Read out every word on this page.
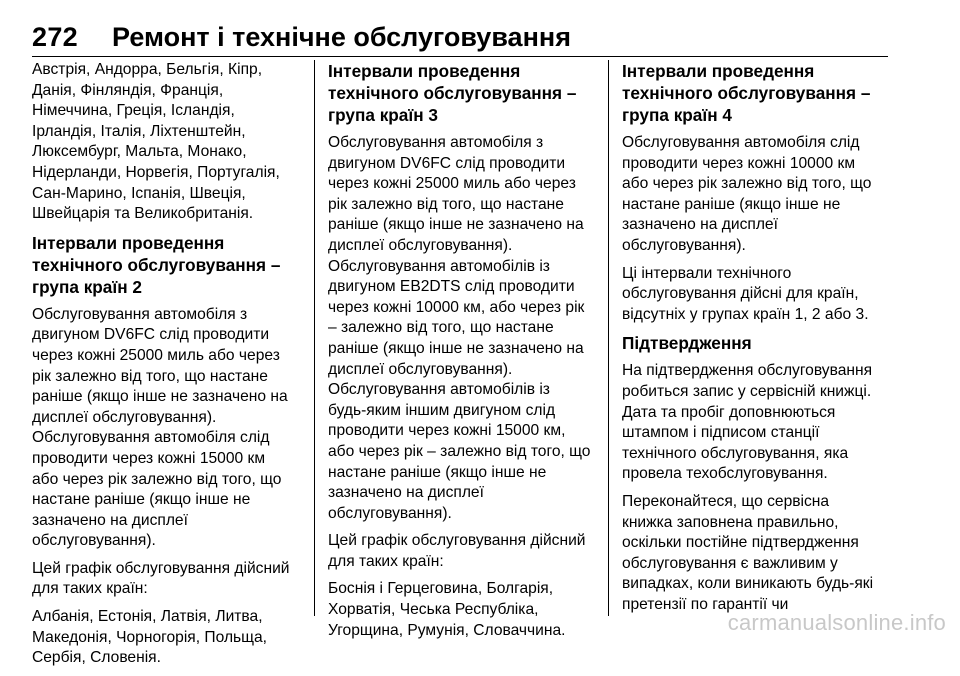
272 Ремонт і технічне обслуговування

Австрія, Андорра, Бельгія, Кіпр,
Данія, Фінляндія, Франція,
Німеччина, Греція, Ісландія,
Ірландія, Італія, Ліхтенштейн,
Люксембург, Мальта, Монако,
Нідерланди, Норвегія, Португалія,
Сан-Марино, Іспанія, Швеція,
Швейцарія та Великобританія.

Інтервали проведення
технічного обслуговування –
група країн 2

Обслуговування автомобіля з
двигуном DV6FC слід проводити
через кожні 25000 миль або через
рік залежно від того, що настане
раніше (якщо інше не зазначено на
дисплеї обслуговування).

Обслуговування автомобіля слід
проводити через кожні 15000 км
або через рік залежно від того, що
настане раніше (якщо інше не
зазначено на дисплеї
обслуговування).

Цей графік обслуговування дійсний
для таких країн:

Албанія, Естонія, Латвія, Литва,
Македонія, Чорногорія, Польща,
Сербія, Словенія.

Інтервали проведення
технічного обслуговування –
група країн 3

Обслуговування автомобіля з
двигуном DV6FC слід проводити
через кожні 25000 миль або через
рік залежно від того, що настане
раніше (якщо інше не зазначено на
дисплеї обслуговування).

Обслуговування автомобілів із
двигуном EB2DTS слід проводити
через кожні 10000 км, або через рік
– залежно від того, що настане
раніше (якщо інше не зазначено на
дисплеї обслуговування).

Обслуговування автомобілів із
будь-яким іншим двигуном слід
проводити через кожні 15000 км,
або через рік – залежно від того, що
настане раніше (якщо інше не
зазначено на дисплеї
обслуговування).

Цей графік обслуговування дійсний
для таких країн:

Боснія і Герцеговина, Болгарія,
Хорватія, Чеська Республіка,
Угорщина, Румунія, Словаччина.

Інтервали проведення
технічного обслуговування –
група країн 4

Обслуговування автомобіля слід
проводити через кожні 10000 км
або через рік залежно від того, що
настане раніше (якщо інше не
зазначено на дисплеї
обслуговування).

Ці інтервали технічного
обслуговування дійсні для країн,
відсутніх у групах країн 1, 2 або 3.

Підтвердження

На підтвердження обслуговування
робиться запис у сервісній книжці.
Дата та пробіг доповнюються
штампом і підписом станції
технічного обслуговування, яка
провела техобслуговування.

Переконайтеся, що сервісна
книжка заповнена правильно,
оскільки постійне підтвердження
обслуговування є важливим у
випадках, коли виникають будь-які
претензії по гарантії чи

carmanualsonline.info
